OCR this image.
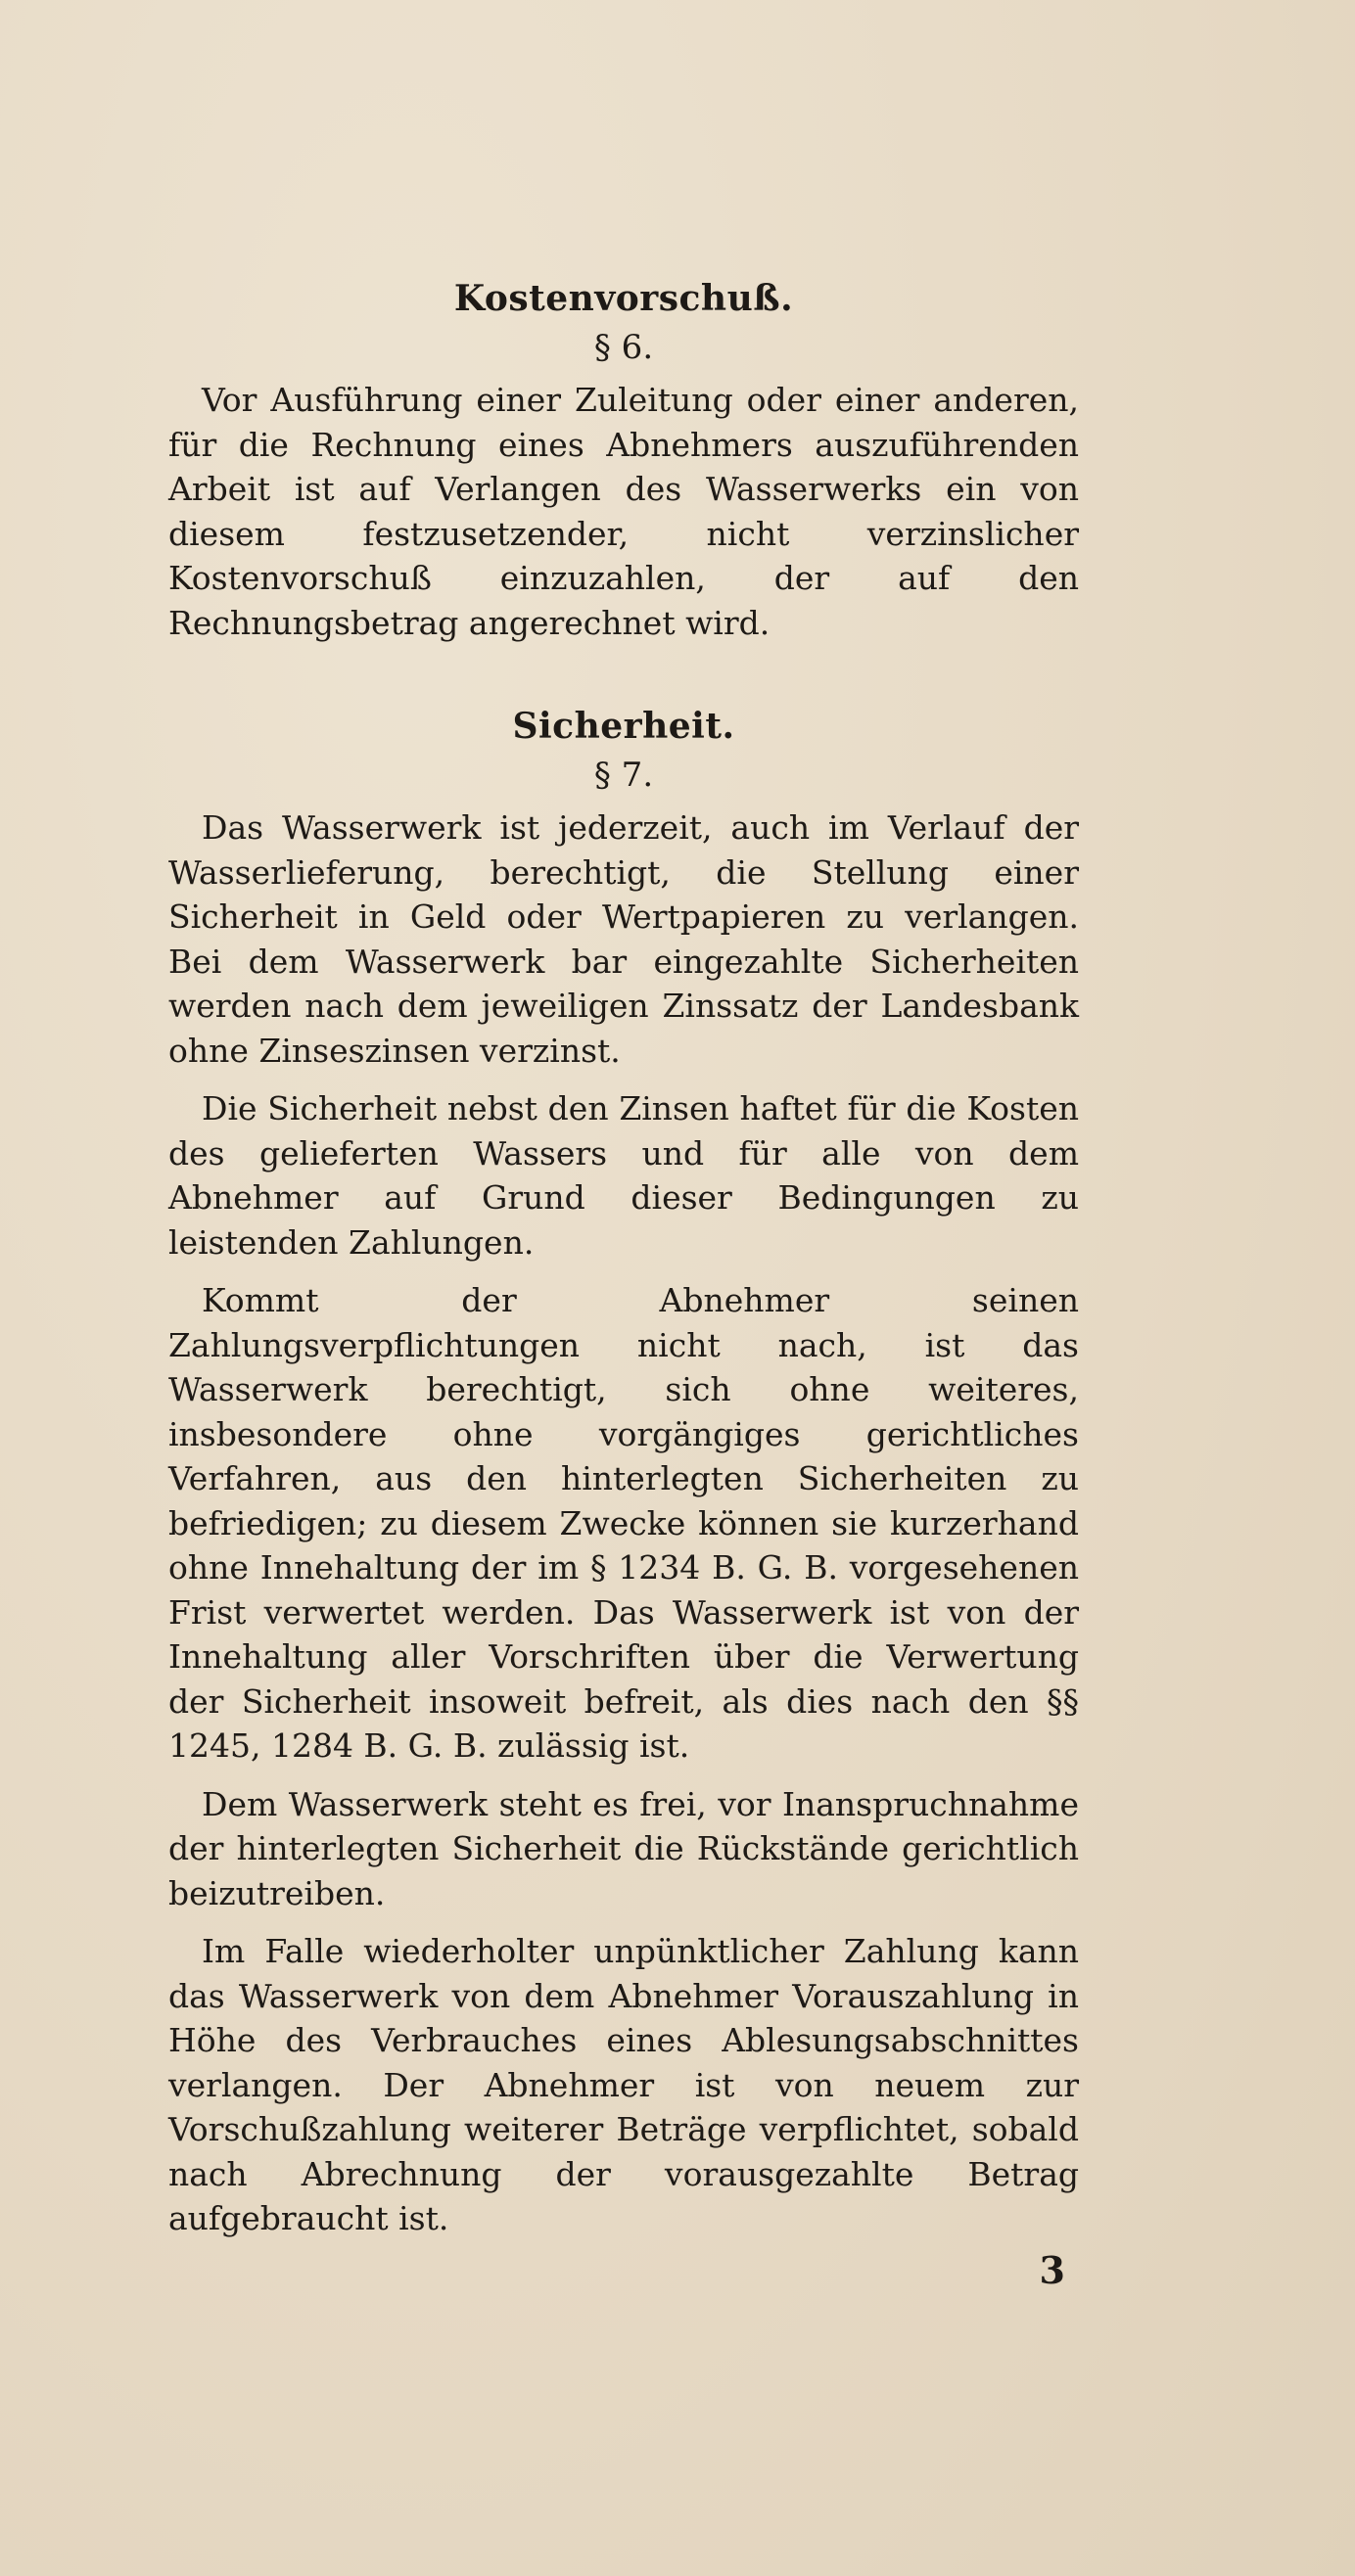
Kostenvorschuß.

§ 6.

Vor Ausführung einer Zuleitung oder einer anderen, für die Rechnung eines Abnehmers auszuführenden Arbeit ist auf Verlangen des Wasserwerks ein von diesem festzusetzender, nicht verzinslicher Kostenvorschuß einzuzahlen, der auf den Rechnungsbetrag angerechnet wird.

Sicherheit.

§ 7.

Das Wasserwerk ist jederzeit, auch im Verlauf der Wasserlieferung, berechtigt, die Stellung einer Sicherheit in Geld oder Wertpapieren zu verlangen. Bei dem Wasserwerk bar eingezahlte Sicherheiten werden nach dem jeweiligen Zinssatz der Landesbank ohne Zinseszinsen verzinst.

Die Sicherheit nebst den Zinsen haftet für die Kosten des gelieferten Wassers und für alle von dem Abnehmer auf Grund dieser Bedingungen zu leistenden Zahlungen.

Kommt der Abnehmer seinen Zahlungsverpflichtungen nicht nach, ist das Wasserwerk berechtigt, sich ohne weiteres, insbesondere ohne vorgängiges gerichtliches Verfahren, aus den hinterlegten Sicherheiten zu befriedigen; zu diesem Zwecke können sie kurzerhand ohne Innehaltung der im § 1234 B. G. B. vorgesehenen Frist verwertet werden. Das Wasserwerk ist von der Innehaltung aller Vorschriften über die Verwertung der Sicherheit insoweit befreit, als dies nach den §§ 1245, 1284 B. G. B. zulässig ist.

Dem Wasserwerk steht es frei, vor Inanspruchnahme der hinterlegten Sicherheit die Rückstände gerichtlich beizutreiben.

Im Falle wiederholter unpünktlicher Zahlung kann das Wasserwerk von dem Abnehmer Vorauszahlung in Höhe des Verbrauches eines Ablesungsabschnittes verlangen. Der Abnehmer ist von neuem zur Vorschußzahlung weiterer Beträge verpflichtet, sobald nach Abrechnung der vorausgezahlte Betrag aufgebraucht ist.

3
